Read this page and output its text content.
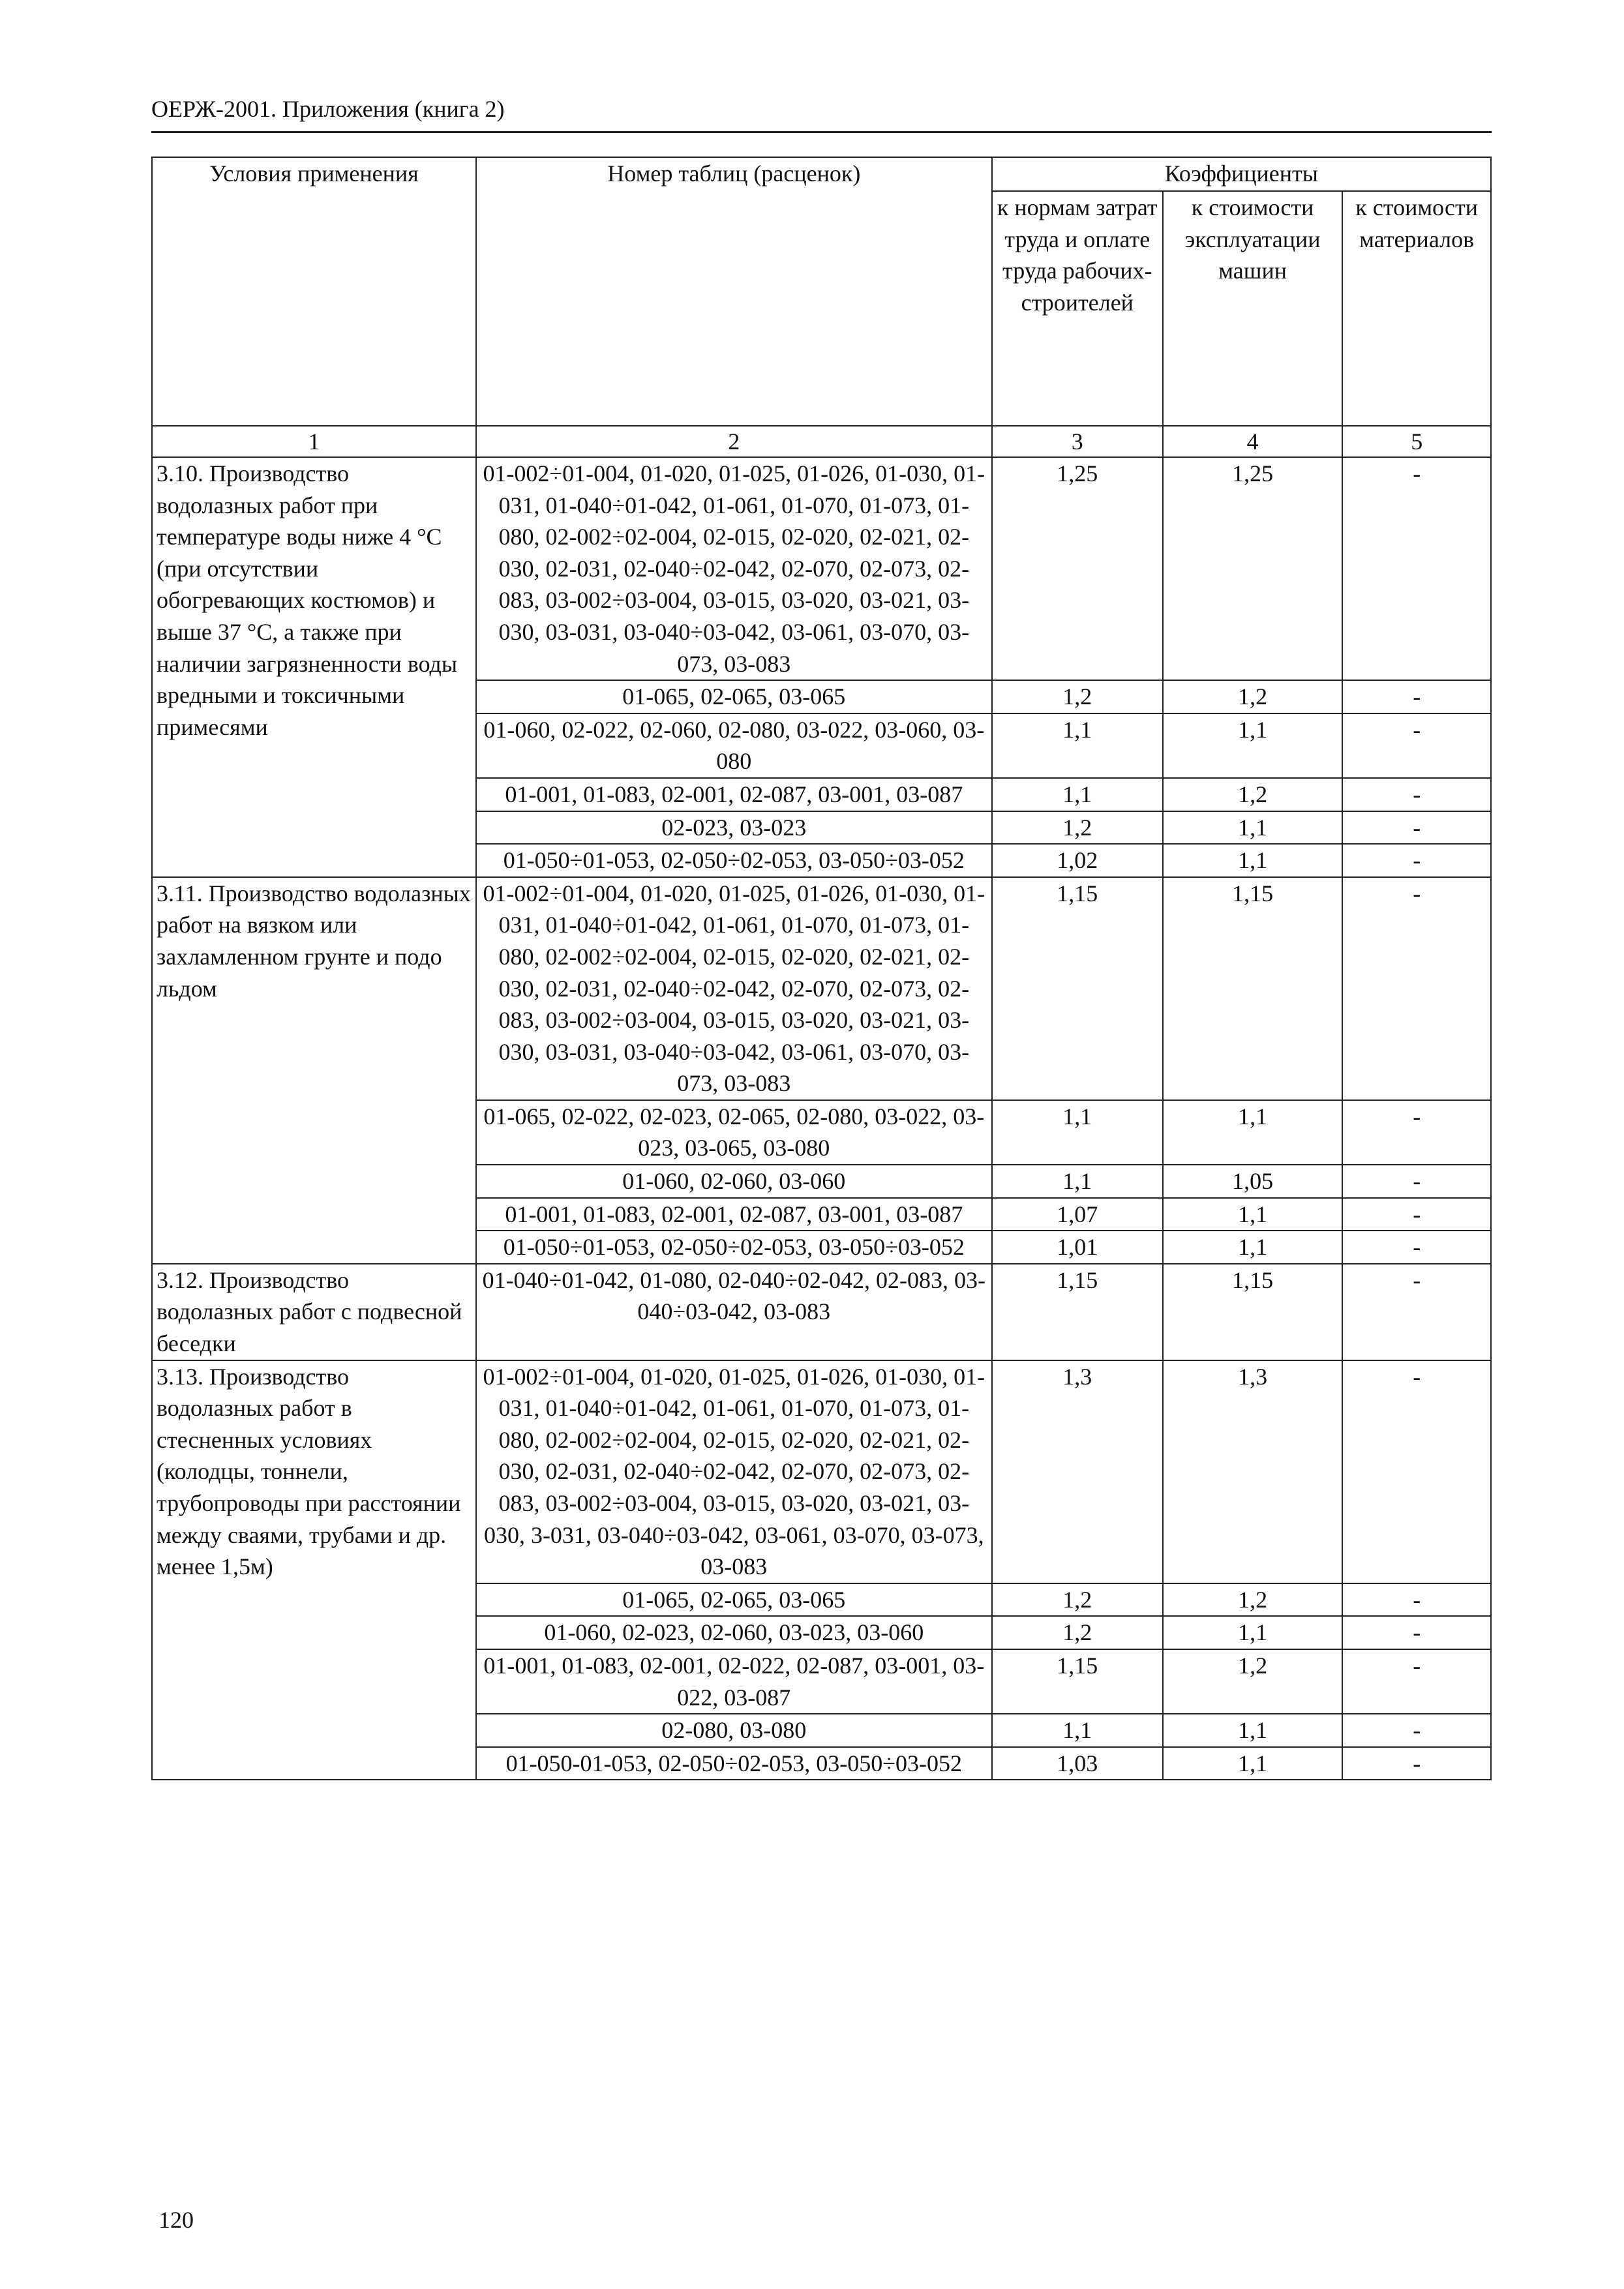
ОЕРЖ-2001. Приложения (книга 2)
Условия применения	Номер таблиц (расценок)	Коэффициенты		
		к нормам затрат труда и оплате труда рабочих-строителей	к стоимости эксплуатации машин	к стоимости материалов
1	2	3	4	5
3.10. Производство водолазных работ при температуре воды ниже 4 °С (при отсутствии обогревающих костюмов) и выше 37 °С, а также при наличии загрязненности воды вредными и токсичными примесями	01-002÷01-004, 01-020, 01-025, 01-026, 01-030, 01-031, 01-040÷01-042, 01-061, 01-070, 01-073, 01-080, 02-002÷02-004, 02-015, 02-020, 02-021, 02-030, 02-031, 02-040÷02-042, 02-070, 02-073, 02-083, 03-002÷03-004, 03-015, 03-020, 03-021, 03-030, 03-031, 03-040÷03-042, 03-061, 03-070, 03-073, 03-083	1,25	1,25	-
	01-065, 02-065, 03-065	1,2	1,2	-
	01-060, 02-022, 02-060, 02-080, 03-022, 03-060, 03-080	1,1	1,1	-
	01-001, 01-083, 02-001, 02-087, 03-001, 03-087	1,1	1,2	-
	02-023, 03-023	1,2	1,1	-
	01-050÷01-053, 02-050÷02-053, 03-050÷03-052	1,02	1,1	-
3.11. Производство водолазных работ на вязком или захламленном грунте и подо льдом	01-002÷01-004, 01-020, 01-025, 01-026, 01-030, 01-031, 01-040÷01-042, 01-061, 01-070, 01-073, 01-080, 02-002÷02-004, 02-015, 02-020, 02-021, 02-030, 02-031, 02-040÷02-042, 02-070, 02-073, 02-083, 03-002÷03-004, 03-015, 03-020, 03-021, 03-030, 03-031, 03-040÷03-042, 03-061, 03-070, 03-073, 03-083	1,15	1,15	-
	01-065, 02-022, 02-023, 02-065, 02-080, 03-022, 03-023, 03-065, 03-080	1,1	1,1	-
	01-060, 02-060, 03-060	1,1	1,05	-
	01-001, 01-083, 02-001, 02-087, 03-001, 03-087	1,07	1,1	-
	01-050÷01-053, 02-050÷02-053, 03-050÷03-052	1,01	1,1	-
3.12. Производство водолазных работ с подвесной беседки	01-040÷01-042, 01-080, 02-040÷02-042, 02-083, 03-040÷03-042, 03-083	1,15	1,15	-
3.13. Производство водолазных работ в стесненных условиях (колодцы, тоннели, трубопроводы при расстоянии между сваями, трубами и др. менее 1,5м)	01-002÷01-004, 01-020, 01-025, 01-026, 01-030, 01-031, 01-040÷01-042, 01-061, 01-070, 01-073, 01-080, 02-002÷02-004, 02-015, 02-020, 02-021, 02-030, 02-031, 02-040÷02-042, 02-070, 02-073, 02-083, 03-002÷03-004, 03-015, 03-020, 03-021, 03-030, 3-031, 03-040÷03-042, 03-061, 03-070, 03-073, 03-083	1,3	1,3	-
	01-065, 02-065, 03-065	1,2	1,2	-
	01-060, 02-023, 02-060, 03-023, 03-060	1,2	1,1	-
	01-001, 01-083, 02-001, 02-022, 02-087, 03-001, 03-022, 03-087	1,15	1,2	-
	02-080, 03-080	1,1	1,1	-
	01-050-01-053, 02-050÷02-053, 03-050÷03-052	1,03	1,1	-
120
